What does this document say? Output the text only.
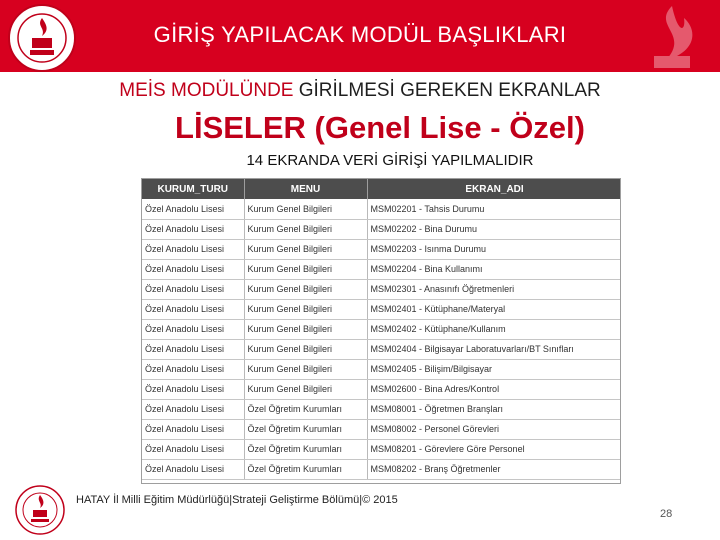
GİRİŞ YAPILACAK MODÜL BAŞLIKLARI
MEİS MODÜLÜNDE GİRİLMESİ GEREKEN EKRANLAR
LİSELER (Genel Lise - Özel)
14 EKRANDA VERİ GİRİŞİ YAPILMALIDIR
KURUM_TURU	MENU	EKRAN_ADI
Özel Anadolu Lisesi	Kurum Genel Bilgileri	MSM02201 - Tahsis Durumu
Özel Anadolu Lisesi	Kurum Genel Bilgileri	MSM02202 - Bina Durumu
Özel Anadolu Lisesi	Kurum Genel Bilgileri	MSM02203 - Isınma Durumu
Özel Anadolu Lisesi	Kurum Genel Bilgileri	MSM02204 - Bina Kullanımı
Özel Anadolu Lisesi	Kurum Genel Bilgileri	MSM02301 - Anasınıfı Öğretmenleri
Özel Anadolu Lisesi	Kurum Genel Bilgileri	MSM02401 - Kütüphane/Materyal
Özel Anadolu Lisesi	Kurum Genel Bilgileri	MSM02402 - Kütüphane/Kullanım
Özel Anadolu Lisesi	Kurum Genel Bilgileri	MSM02404 - Bilgisayar Laboratuvarları/BT Sınıfları
Özel Anadolu Lisesi	Kurum Genel Bilgileri	MSM02405 - Bilişim/Bilgisayar
Özel Anadolu Lisesi	Kurum Genel Bilgileri	MSM02600 - Bina Adres/Kontrol
Özel Anadolu Lisesi	Özel Öğretim Kurumları	MSM08001 - Öğretmen Branşları
Özel Anadolu Lisesi	Özel Öğretim Kurumları	MSM08002 - Personel Görevleri
Özel Anadolu Lisesi	Özel Öğretim Kurumları	MSM08201 - Görevlere Göre Personel
Özel Anadolu Lisesi	Özel Öğretim Kurumları	MSM08202 - Branş Öğretmenler
HATAY İl Milli Eğitim Müdürlüğü|Strateji Geliştirme Bölümü|© 2015
28
